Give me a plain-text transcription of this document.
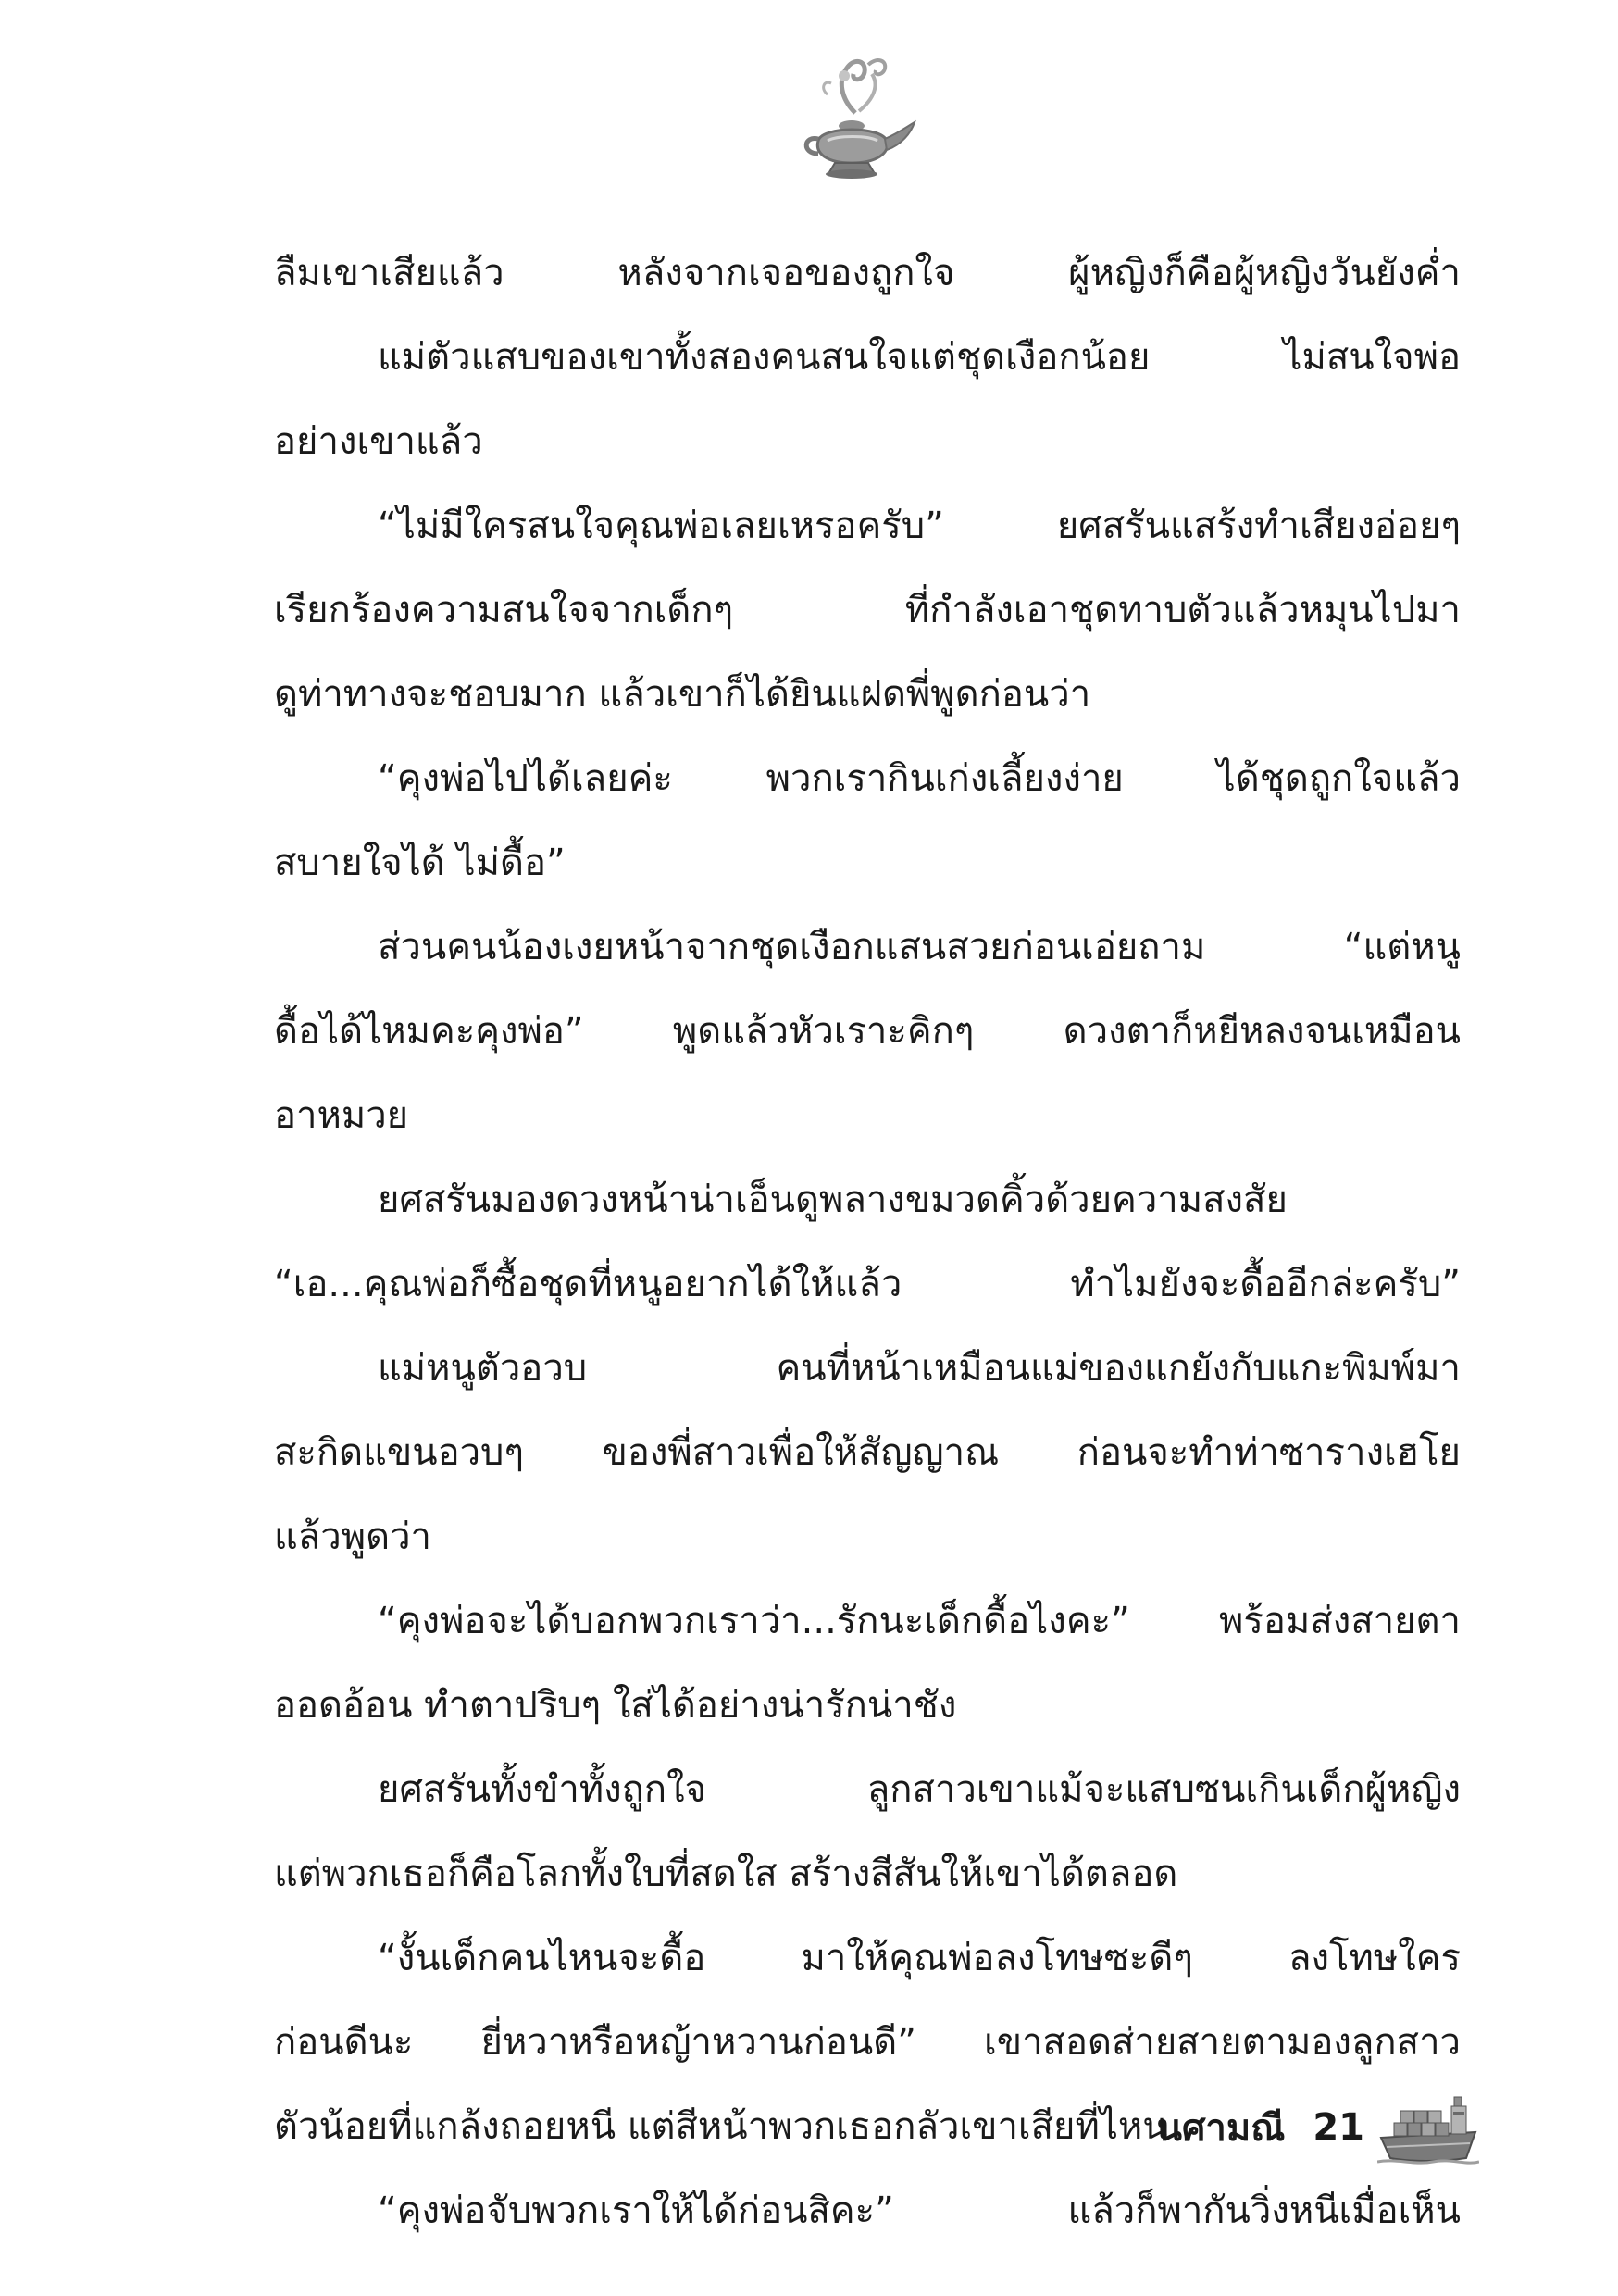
ลืมเขาเสียแล้ว หลังจากเจอของถูกใจ ผู้หญิงก็คือผู้หญิงวันยังค่ำ
แม่ตัวแสบของเขาทั้งสองคนสนใจแต่ชุดเงือกน้อย ไม่สนใจพ่อ
อย่างเขาแล้ว
“ไม่มีใครสนใจคุณพ่อเลยเหรอครับ” ยศสรันแสร้งทำเสียงอ่อยๆ
เรียกร้องความสนใจจากเด็กๆ ที่กำลังเอาชุดทาบตัวแล้วหมุนไปมา
ดูท่าทางจะชอบมาก แล้วเขาก็ได้ยินแฝดพี่พูดก่อนว่า
“คุงพ่อไปได้เลยค่ะ พวกเรากินเก่งเลี้ยงง่าย ได้ชุดถูกใจแล้ว
สบายใจได้ ไม่ดื้อ”
ส่วนคนน้องเงยหน้าจากชุดเงือกแสนสวยก่อนเอ่ยถาม “แต่หนู
ดื้อได้ไหมคะคุงพ่อ” พูดแล้วหัวเราะคิกๆ ดวงตาก็หยีหลงจนเหมือน
อาหมวย
ยศสรันมองดวงหน้าน่าเอ็นดูพลางขมวดคิ้วด้วยความสงสัย
“เอ...คุณพ่อก็ซื้อชุดที่หนูอยากได้ให้แล้ว ทำไมยังจะดื้ออีกล่ะครับ”
แม่หนูตัวอวบ คนที่หน้าเหมือนแม่ของแกยังกับแกะพิมพ์มา
สะกิดแขนอวบๆ ของพี่สาวเพื่อให้สัญญาณ ก่อนจะทำท่าซารางเฮโย
แล้วพูดว่า
“คุงพ่อจะได้บอกพวกเราว่า...รักนะเด็กดื้อไงคะ” พร้อมส่งสายตา
ออดอ้อน ทำตาปริบๆ ใส่ได้อย่างน่ารักน่าชัง
ยศสรันทั้งขำทั้งถูกใจ ลูกสาวเขาแม้จะแสบซนเกินเด็กผู้หญิง
แต่พวกเธอก็คือโลกทั้งใบที่สดใส สร้างสีสันให้เขาได้ตลอด
“งั้นเด็กคนไหนจะดื้อ มาให้คุณพ่อลงโทษซะดีๆ ลงโทษใคร
ก่อนดีนะ ยี่หวาหรือหญ้าหวานก่อนดี” เขาสอดส่ายสายตามองลูกสาว
ตัวน้อยที่แกล้งถอยหนี แต่สีหน้าพวกเธอกลัวเขาเสียที่ไหน
“คุงพ่อจับพวกเราให้ได้ก่อนสิคะ” แล้วก็พากันวิ่งหนีเมื่อเห็น
นศามณี 21
